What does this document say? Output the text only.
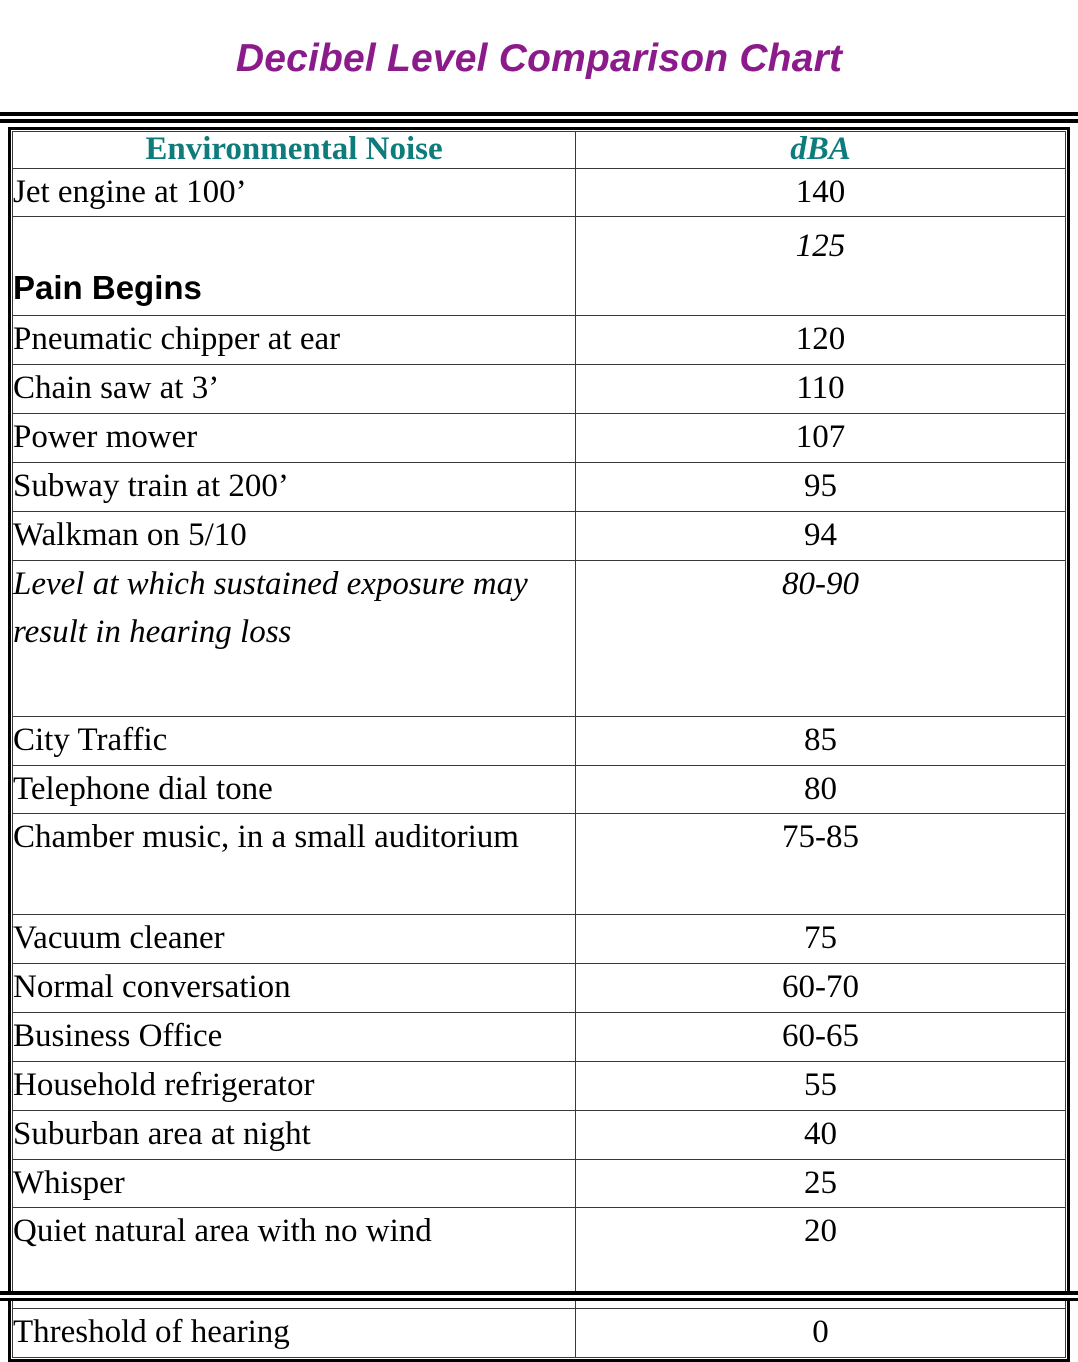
Decibel Level Comparison Chart
Environmental Noise	dBA
Jet engine at 100’	140
Pain Begins	125
Pneumatic chipper at ear	120
Chain saw at 3’	110
Power mower	107
Subway train at 200’	95
Walkman on 5/10	94
Level at which sustained exposure may result in hearing loss	80-90
City Traffic	85
Telephone dial tone	80
Chamber music, in a small auditorium	75-85
Vacuum cleaner	75
Normal conversation	60-70
Business Office	60-65
Household refrigerator	55
Suburban area at night	40
Whisper	25
Quiet natural area with no wind	20
Threshold of hearing	0
